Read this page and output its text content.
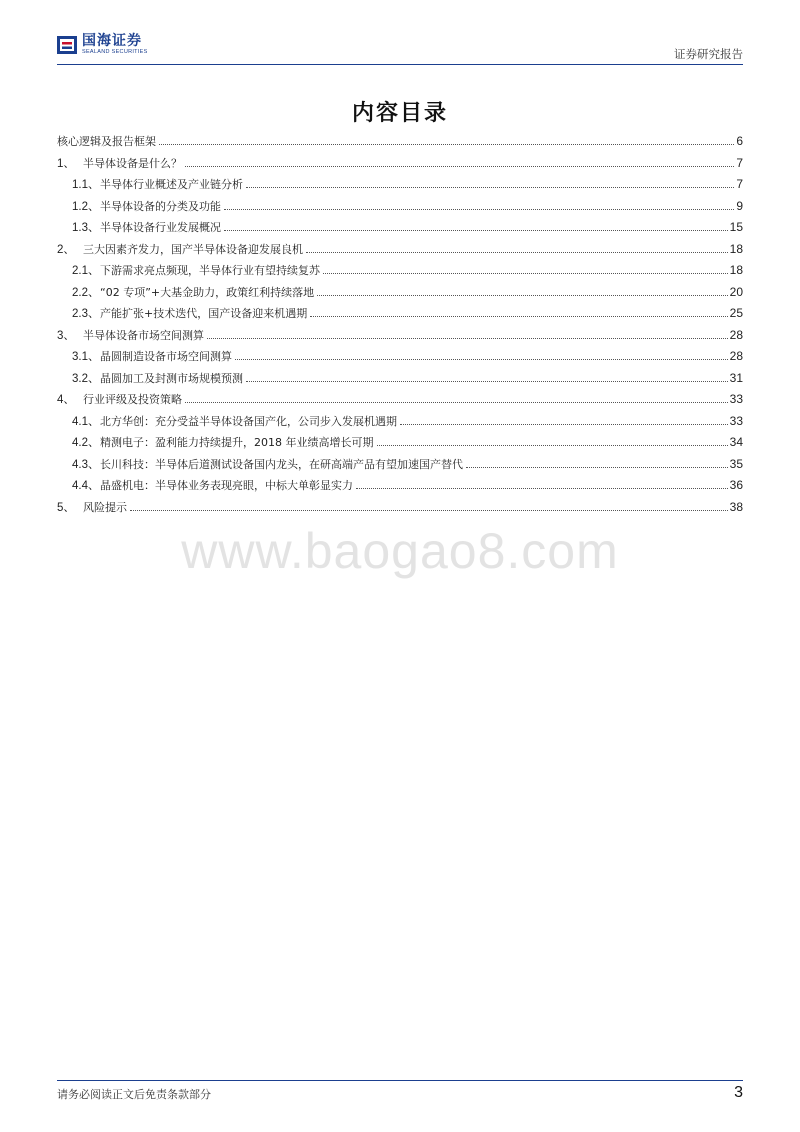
国海证券
SEALAND SECURITIES	证券研究报告
内容目录
核心逻辑及报告框架	6
1、 半导体设备是什么？	7
1.1、 半导体行业概述及产业链分析	7
1.2、 半导体设备的分类及功能	9
1.3、 半导体设备行业发展概况	15
2、 三大因素齐发力，国产半导体设备迎发展良机	18
2.1、 下游需求亮点频现，半导体行业有望持续复苏	18
2.2、 “02 专项”+大基金助力，政策红利持续落地	20
2.3、 产能扩张+技术迭代，国产设备迎来机遇期	25
3、 半导体设备市场空间测算	28
3.1、 晶圆制造设备市场空间测算	28
3.2、 晶圆加工及封测市场规模预测	31
4、 行业评级及投资策略	33
4.1、 北方华创：充分受益半导体设备国产化，公司步入发展机遇期	33
4.2、 精测电子：盈利能力持续提升，2018 年业绩高增长可期	34
4.3、 长川科技：半导体后道测试设备国内龙头，在研高端产品有望加速国产替代	35
4.4、 晶盛机电：半导体业务表现亮眼，中标大单彰显实力	36
5、 风险提示	38
www.baogao8.com
请务必阅读正文后免责条款部分	3
